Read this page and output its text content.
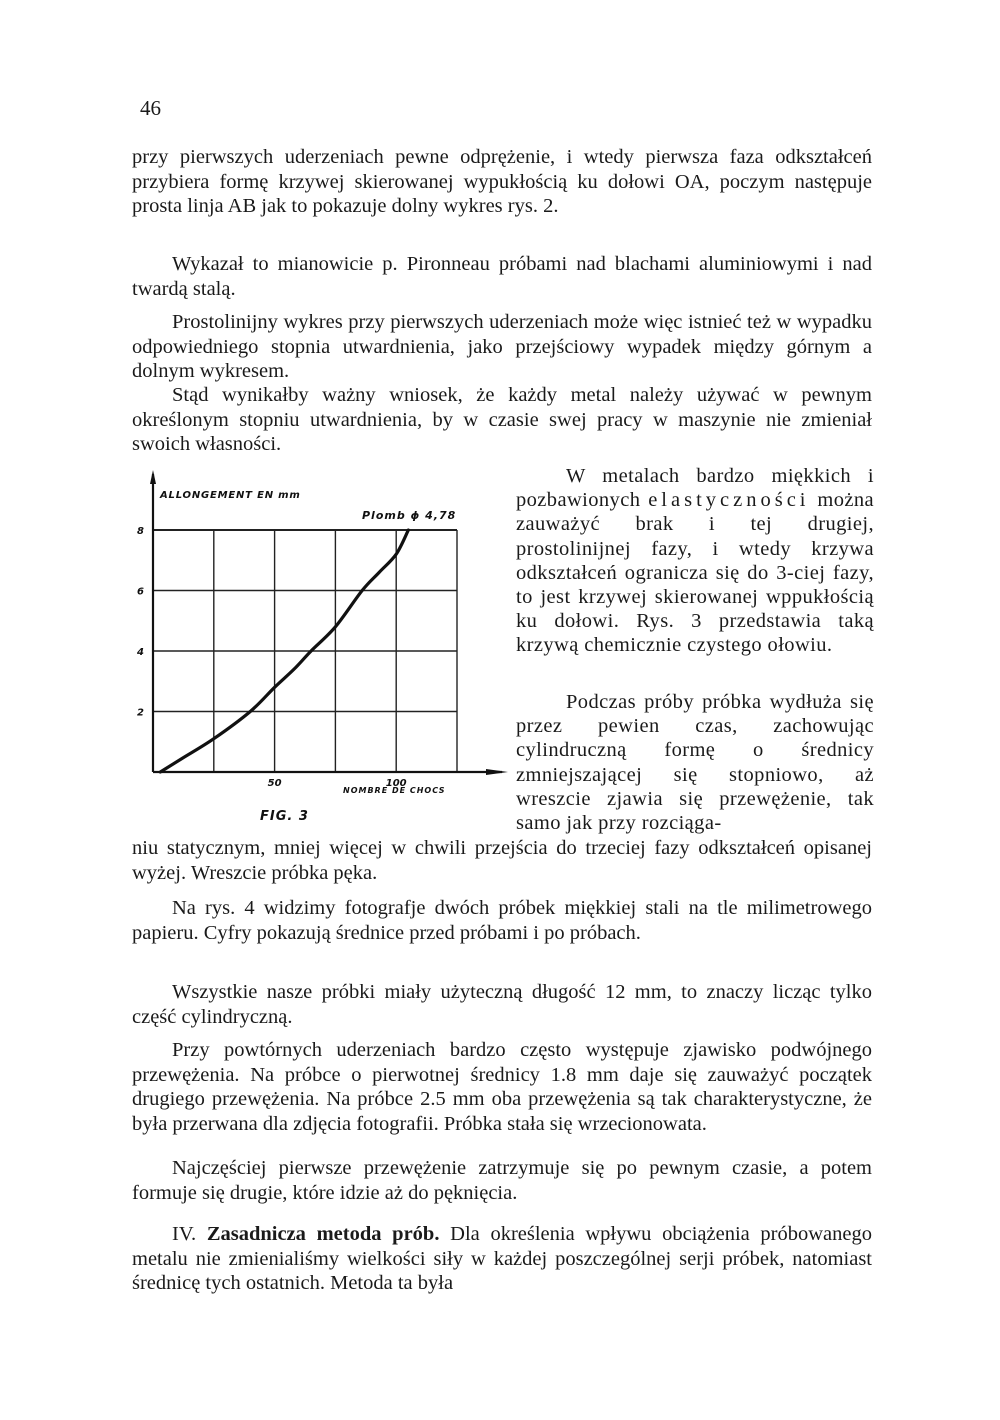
46

przy pierwszych uderzeniach pewne odprężenie, i wtedy pierwsza faza odkształceń przybiera formę krzywej skierowanej wypukłością ku dołowi OA, poczym następuje prosta linja AB jak to pokazuje dolny wykres rys. 2.

Wykazał to mianowicie p. Pironneau próbami nad blachami aluminiowymi i nad twardą stalą.

Prostolinijny wykres przy pierwszych uderzeniach może więc istnieć też w wypadku odpowiedniego stopnia utwardnienia, jako przejściowy wypadek między górnym a dolnym wykresem.

Stąd wynikałby ważny wniosek, że każdy metal należy używać w pewnym określonym stopniu utwardnienia, by w czasie swej pracy w maszynie nie zmieniał swoich własności.

W metalach bardzo miękkich i pozbawionych elastyczności można zauważyć brak i tej drugiej, prostolinijnej fazy, i wtedy krzywa odkształceń ogranicza się do 3-ciej fazy, to jest krzywej skierowanej wppukłością ku dołowi. Rys. 3 przedstawia taką krzywą chemicznie czystego ołowiu.

Podczas próby próbka wydłuża się przez pewien czas, zachowując cylindruczną formę o średnicy zmniejszającej się stopniowo, aż wreszcie zjawia się przewężenie, tak samo jak przy rozciąga-

niu statycznym, mniej więcej w chwili przejścia do trzeciej fazy odkształceń opisanej wyżej. Wreszcie próbka pęka.

Na rys. 4 widzimy fotografje dwóch próbek miękkiej stali na tle milimetrowego papieru. Cyfry pokazują średnice przed próbami i po próbach.

Wszystkie nasze próbki miały użyteczną długość 12 mm, to znaczy licząc tylko część cylindryczną.

Przy powtórnych uderzeniach bardzo często występuje zjawisko podwójnego przewężenia. Na próbce o pierwotnej średnicy 1.8 mm daje się zauważyć początek drugiego przewężenia. Na próbce 2.5 mm oba przewężenia są tak charakterystyczne, że była przerwana dla zdjęcia fotografii. Próbka stała się wrzecionowata.

Najczęściej pierwsze przewężenie zatrzymuje się po pewnym czasie, a potem formuje się drugie, które idzie aż do pęknięcia.

IV. Zasadnicza metoda prób. Dla określenia wpływu obciążenia próbowanego metalu nie zmienialiśmy wielkości siły w każdej poszczególnej serji próbek, natomiast średnicę tych ostatnich. Metoda ta była

2
4
6
8
50	100
ALLONGEMENT EN mm
Plomb ϕ 4,78
NOMBRE DE CHOCS
FIG. 3
